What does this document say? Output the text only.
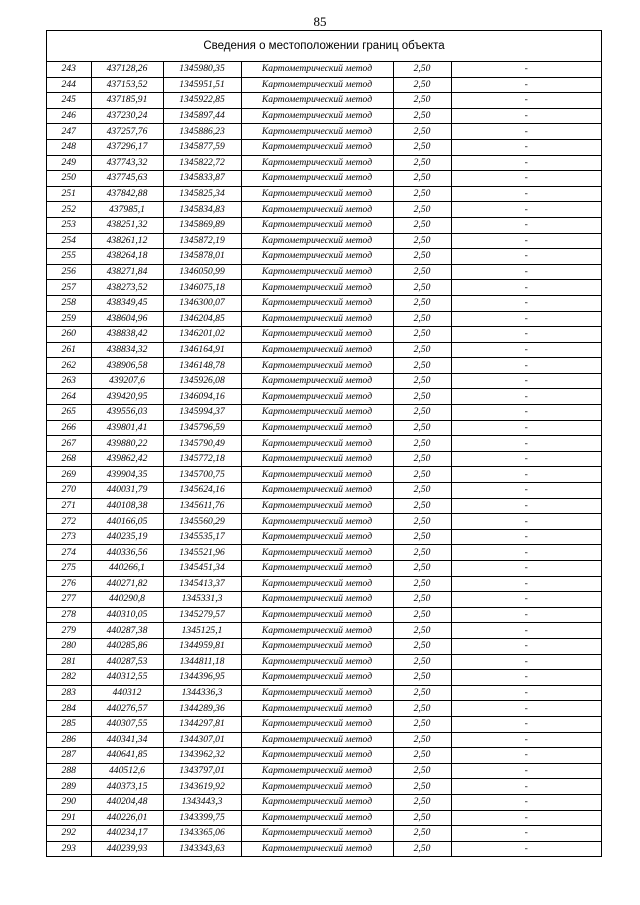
85
Сведения о местоположении границ объекта
243	437128,26	1345980,35	Картометрический метод	2,50	-
244	437153,52	1345951,51	Картометрический метод	2,50	-
245	437185,91	1345922,85	Картометрический метод	2,50	-
246	437230,24	1345897,44	Картометрический метод	2,50	-
247	437257,76	1345886,23	Картометрический метод	2,50	-
248	437296,17	1345877,59	Картометрический метод	2,50	-
249	437743,32	1345822,72	Картометрический метод	2,50	-
250	437745,63	1345833,87	Картометрический метод	2,50	-
251	437842,88	1345825,34	Картометрический метод	2,50	-
252	437985,1	1345834,83	Картометрический метод	2,50	-
253	438251,32	1345869,89	Картометрический метод	2,50	-
254	438261,12	1345872,19	Картометрический метод	2,50	-
255	438264,18	1345878,01	Картометрический метод	2,50	-
256	438271,84	1346050,99	Картометрический метод	2,50	-
257	438273,52	1346075,18	Картометрический метод	2,50	-
258	438349,45	1346300,07	Картометрический метод	2,50	-
259	438604,96	1346204,85	Картометрический метод	2,50	-
260	438838,42	1346201,02	Картометрический метод	2,50	-
261	438834,32	1346164,91	Картометрический метод	2,50	-
262	438906,58	1346148,78	Картометрический метод	2,50	-
263	439207,6	1345926,08	Картометрический метод	2,50	-
264	439420,95	1346094,16	Картометрический метод	2,50	-
265	439556,03	1345994,37	Картометрический метод	2,50	-
266	439801,41	1345796,59	Картометрический метод	2,50	-
267	439880,22	1345790,49	Картометрический метод	2,50	-
268	439862,42	1345772,18	Картометрический метод	2,50	-
269	439904,35	1345700,75	Картометрический метод	2,50	-
270	440031,79	1345624,16	Картометрический метод	2,50	-
271	440108,38	1345611,76	Картометрический метод	2,50	-
272	440166,05	1345560,29	Картометрический метод	2,50	-
273	440235,19	1345535,17	Картометрический метод	2,50	-
274	440336,56	1345521,96	Картометрический метод	2,50	-
275	440266,1	1345451,34	Картометрический метод	2,50	-
276	440271,82	1345413,37	Картометрический метод	2,50	-
277	440290,8	1345331,3	Картометрический метод	2,50	-
278	440310,05	1345279,57	Картометрический метод	2,50	-
279	440287,38	1345125,1	Картометрический метод	2,50	-
280	440285,86	1344959,81	Картометрический метод	2,50	-
281	440287,53	1344811,18	Картометрический метод	2,50	-
282	440312,55	1344396,95	Картометрический метод	2,50	-
283	440312	1344336,3	Картометрический метод	2,50	-
284	440276,57	1344289,36	Картометрический метод	2,50	-
285	440307,55	1344297,81	Картометрический метод	2,50	-
286	440341,34	1344307,01	Картометрический метод	2,50	-
287	440641,85	1343962,32	Картометрический метод	2,50	-
288	440512,6	1343797,01	Картометрический метод	2,50	-
289	440373,15	1343619,92	Картометрический метод	2,50	-
290	440204,48	1343443,3	Картометрический метод	2,50	-
291	440226,01	1343399,75	Картометрический метод	2,50	-
292	440234,17	1343365,06	Картометрический метод	2,50	-
293	440239,93	1343343,63	Картометрический метод	2,50	-
